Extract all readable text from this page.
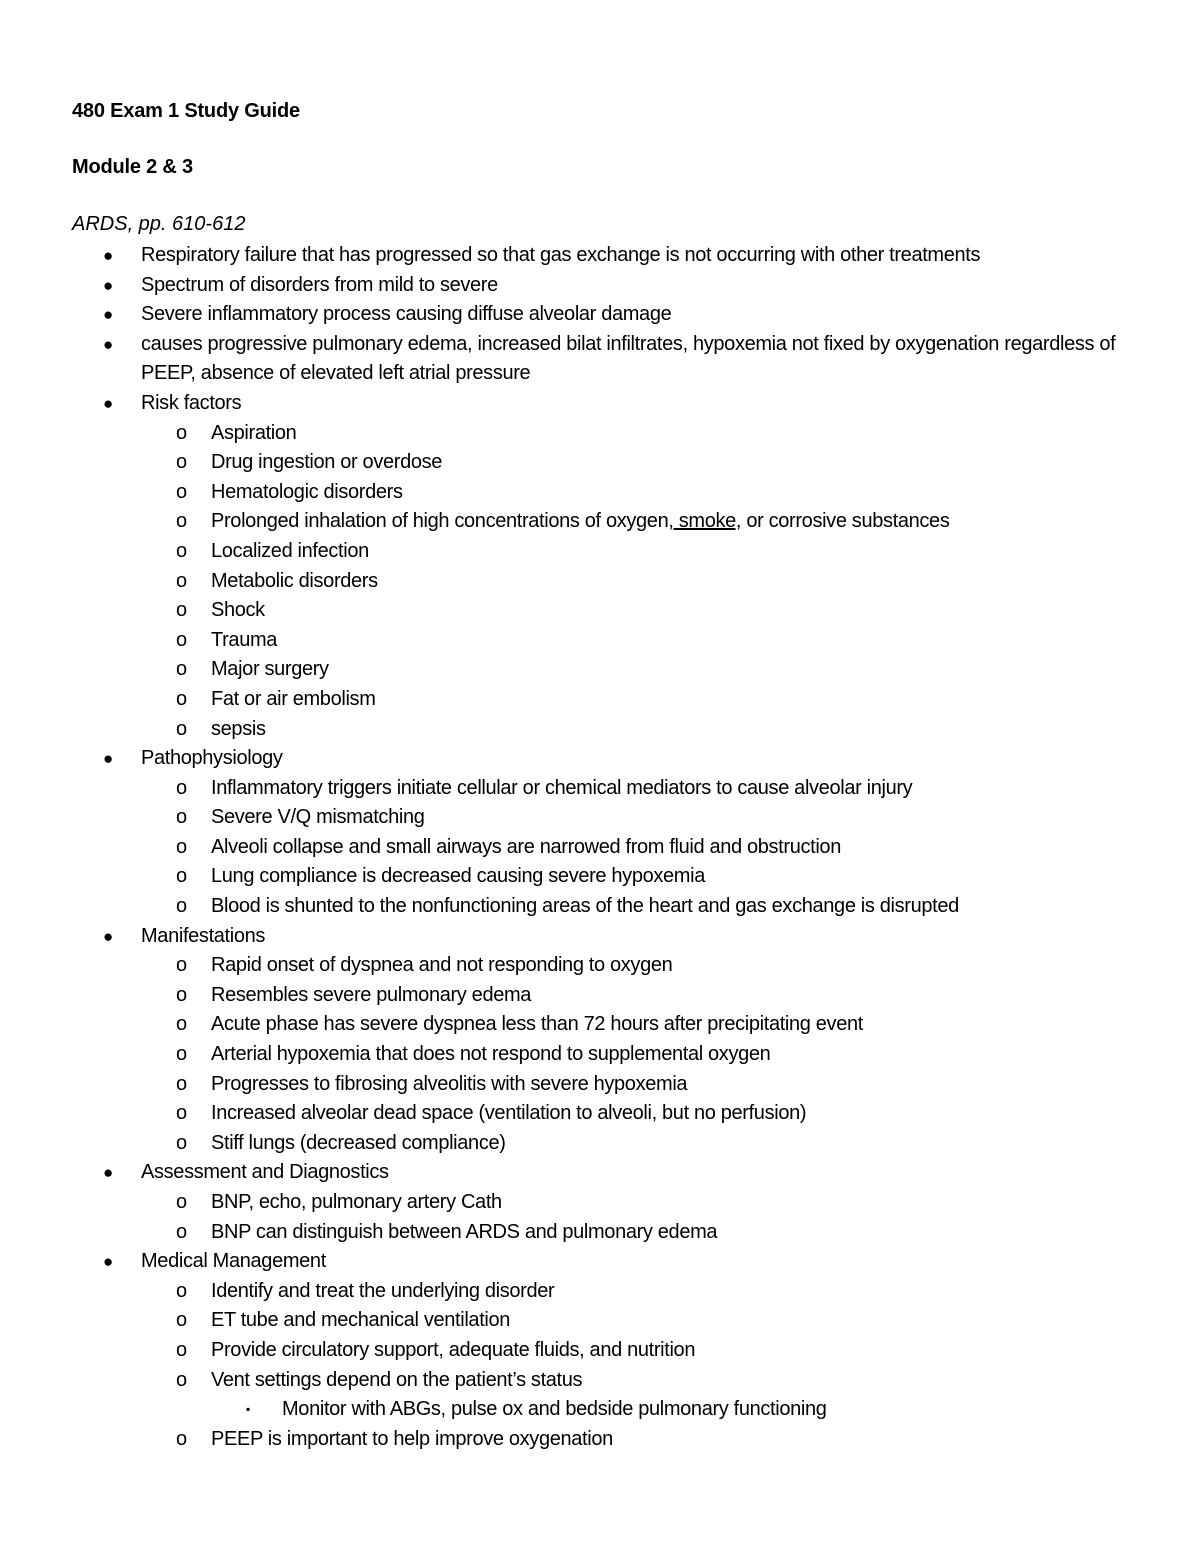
480 Exam 1 Study Guide
Module 2 & 3
ARDS, pp. 610-612
● Respiratory failure that has progressed so that gas exchange is not occurring with other treatments
● Spectrum of disorders from mild to severe
● Severe inflammatory process causing diffuse alveolar damage
● causes progressive pulmonary edema, increased bilat infiltrates, hypoxemia not fixed by oxygenation regardless of PEEP, absence of elevated left atrial pressure
● Risk factors
o Aspiration
o Drug ingestion or overdose
o Hematologic disorders
o Prolonged inhalation of high concentrations of oxygen, smoke, or corrosive substances
o Localized infection
o Metabolic disorders
o Shock
o Trauma
o Major surgery
o Fat or air embolism
o sepsis
● Pathophysiology
o Inflammatory triggers initiate cellular or chemical mediators to cause alveolar injury
o Severe V/Q mismatching
o Alveoli collapse and small airways are narrowed from fluid and obstruction
o Lung compliance is decreased causing severe hypoxemia
o Blood is shunted to the nonfunctioning areas of the heart and gas exchange is disrupted
● Manifestations
o Rapid onset of dyspnea and not responding to oxygen
o Resembles severe pulmonary edema
o Acute phase has severe dyspnea less than 72 hours after precipitating event
o Arterial hypoxemia that does not respond to supplemental oxygen
o Progresses to fibrosing alveolitis with severe hypoxemia
o Increased alveolar dead space (ventilation to alveoli, but no perfusion)
o Stiff lungs (decreased compliance)
● Assessment and Diagnostics
o BNP, echo, pulmonary artery Cath
o BNP can distinguish between ARDS and pulmonary edema
● Medical Management
o Identify and treat the underlying disorder
o ET tube and mechanical ventilation
o Provide circulatory support, adequate fluids, and nutrition
o Vent settings depend on the patient’s status
▪ Monitor with ABGs, pulse ox and bedside pulmonary functioning
o PEEP is important to help improve oxygenation
